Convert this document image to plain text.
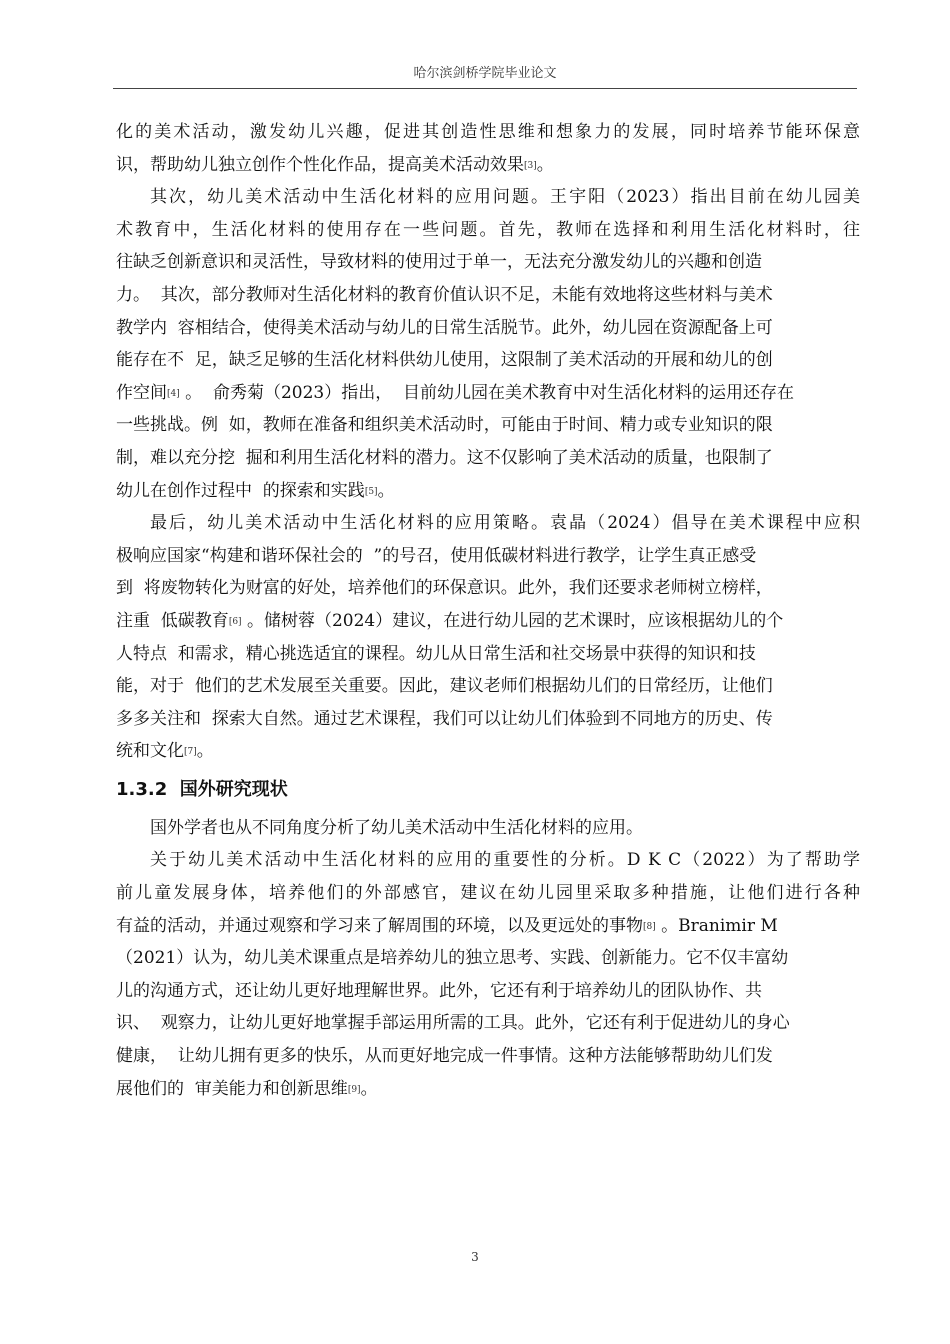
哈尔滨剑桥学院毕业论文
化的美术活动，激发幼儿兴趣，促进其创造性思维和想象力的发展，同时培养节能环保意
识，帮助幼儿独立创作个性化作品，提高美术活动效果[3]。
其次，幼儿美术活动中生活化材料的应用问题。王宇阳（2023）指出目前在幼儿园美
术教育中，生活化材料的使用存在一些问题。首先，教师在选择和利用生活化材料时，往
往缺乏创新意识和灵活性，导致材料的使用过于单一，无法充分激发幼儿的兴趣和创造
力。  其次，部分教师对生活化材料的教育价值认识不足，未能有效地将这些材料与美术
教学内  容相结合，使得美术活动与幼儿的日常生活脱节。此外，幼儿园在资源配备上可
能存在不  足，缺乏足够的生活化材料供幼儿使用，这限制了美术活动的开展和幼儿的创
作空间[4] 。  俞秀菊（2023）指出，  目前幼儿园在美术教育中对生活化材料的运用还存在
一些挑战。例  如，教师在准备和组织美术活动时，可能由于时间、精力或专业知识的限
制，难以充分挖  掘和利用生活化材料的潜力。这不仅影响了美术活动的质量，也限制了
幼儿在创作过程中  的探索和实践[5]。
最后，幼儿美术活动中生活化材料的应用策略。袁晶（2024）倡导在美术课程中应积
极响应国家“构建和谐环保社会的  ”的号召，使用低碳材料进行教学，让学生真正感受
到  将废物转化为财富的好处，培养他们的环保意识。此外，我们还要求老师树立榜样，
注重  低碳教育[6] 。储树蓉（2024）建议，在进行幼儿园的艺术课时，应该根据幼儿的个
人特点  和需求，精心挑选适宜的课程。幼儿从日常生活和社交场景中获得的知识和技
能，对于  他们的艺术发展至关重要。因此，建议老师们根据幼儿们的日常经历，让他们
多多关注和  探索大自然。通过艺术课程，我们可以让幼儿们体验到不同地方的历史、传
统和文化[7]。
1.3.2  国外研究现状
国外学者也从不同角度分析了幼儿美术活动中生活化材料的应用。
关于幼儿美术活动中生活化材料的应用的重要性的分析。D K C（2022）为了帮助学
前儿童发展身体，培养他们的外部感官，建议在幼儿园里采取多种措施，让他们进行各种
有益的活动，并通过观察和学习来了解周围的环境，以及更远处的事物[8] 。Branimir M
（2021）认为，幼儿美术课重点是培养幼儿的独立思考、实践、创新能力。它不仅丰富幼
儿的沟通方式，还让幼儿更好地理解世界。此外，它还有利于培养幼儿的团队协作、共
识、  观察力，让幼儿更好地掌握手部运用所需的工具。此外，它还有利于促进幼儿的身心
健康，  让幼儿拥有更多的快乐，从而更好地完成一件事情。这种方法能够帮助幼儿们发
展他们的  审美能力和创新思维[9]。
3
